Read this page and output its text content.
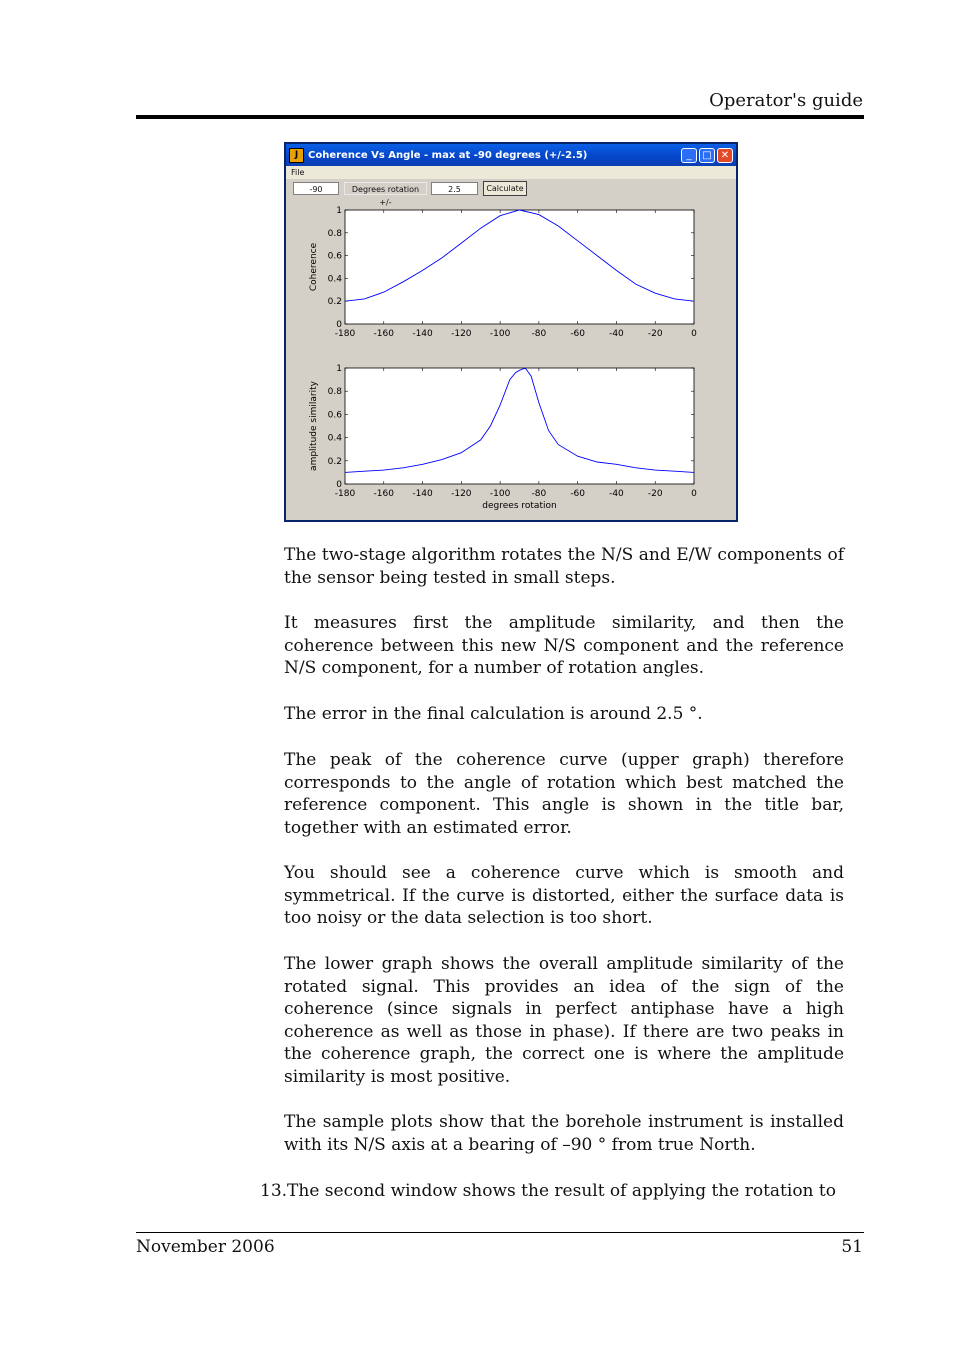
Operator's guide
J Coherence Vs Angle - max at -90 degrees (+/-2.5)	_	□ ✕
File
-90	Degrees rotation +/-
2.5	Calculate
-180 -160 -140 -120 -100 -80	-60	-40	-20	0
0
0.2
0.4
0.6
0.8
1
Coherence
-180 -160 -140 -120 -100 -80	-60	-40	-20	0
0
0.2
0.4
0.6
0.8
1
amplitude similarity
degrees rotation
The two-stage algorithm rotates the N/S and E/W components of the sensor being tested in small steps.
It measures first the amplitude similarity, and then the coherence between this new N/S component and the reference N/S component, for a number of rotation angles.
The error in the final calculation is around 2.5 °.
The peak of the coherence curve (upper graph) therefore corresponds to the angle of rotation which best matched the reference component. This angle is shown in the title bar, together with an estimated error.
You should see a coherence curve which is smooth and symmetrical. If the curve is distorted, either the surface data is too noisy or the data selection is too short.
The lower graph shows the overall amplitude similarity of the rotated signal. This provides an idea of the sign of the coherence (since signals in perfect antiphase have a high coherence as well as those in phase). If there are two peaks in the coherence graph, the correct one is where the amplitude similarity is most positive.
The sample plots show that the borehole instrument is installed with its N/S axis at a bearing of –90 ° from true North.
13.The second window shows the result of applying the rotation to
November 2006	51
